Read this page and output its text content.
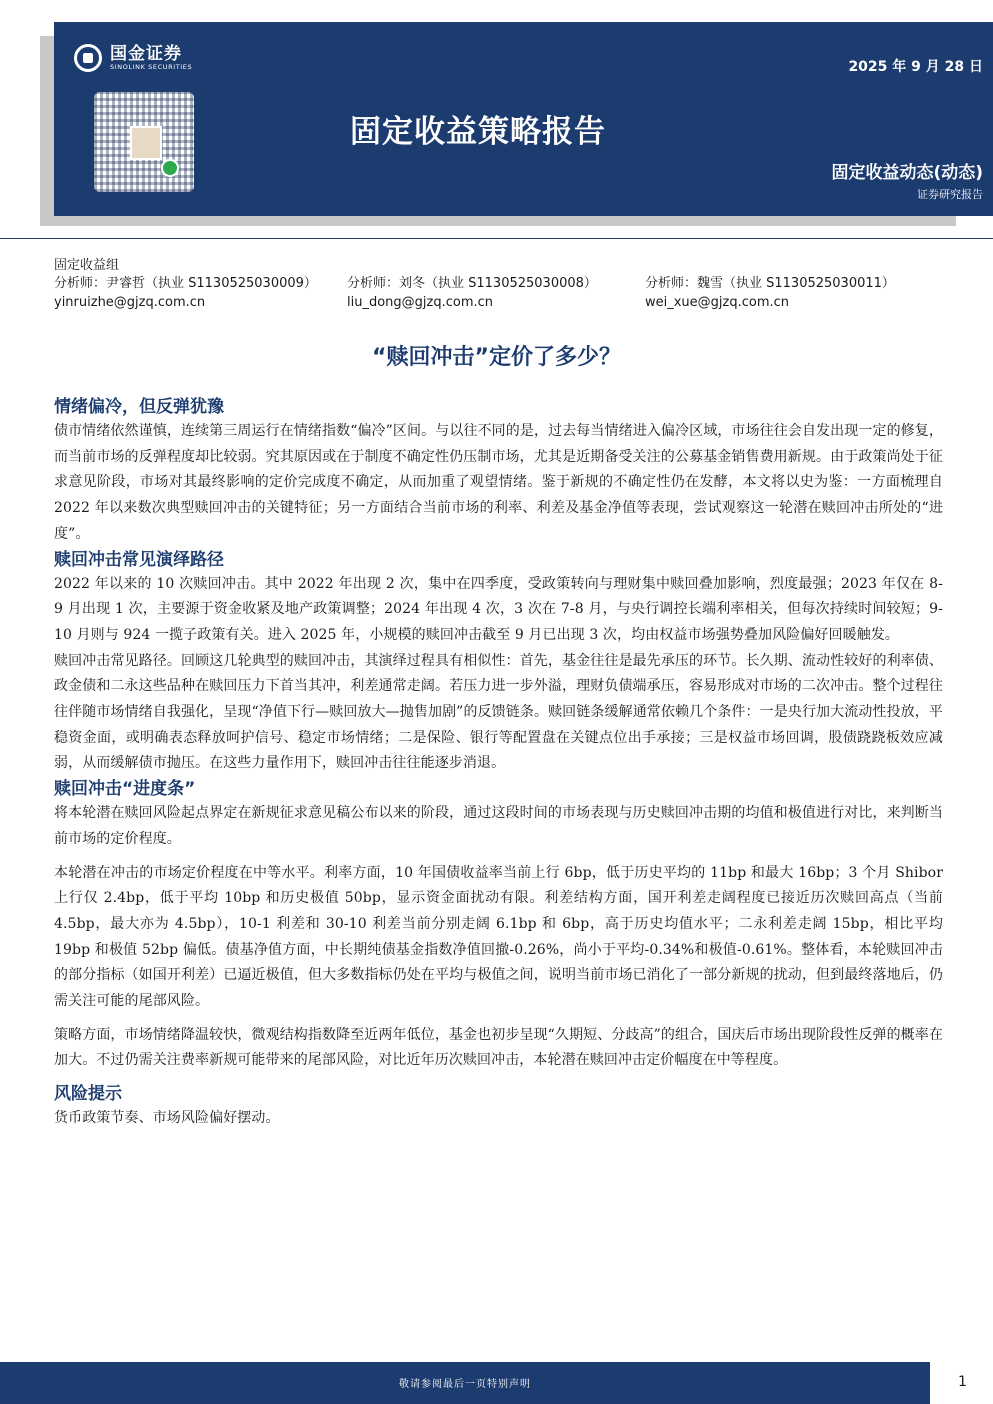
国金证券
SINOLINK SECURITIES	2025 年 9 月 28 日
固定收益策略报告
固定收益动态(动态)
证券研究报告
固定收益组
分析师：尹睿哲（执业 S1130525030009） 分析师：刘冬（执业 S1130525030008）	分析师：魏雪（执业 S1130525030011）
yinruizhe@gjzq.com.cn	liu_dong@gjzq.com.cn	wei_xue@gjzq.com.cn
“赎回冲击”定价了多少？
情绪偏冷，但反弹犹豫

债市情绪依然谨慎，连续第三周运行在情绪指数“偏冷”区间。与以往不同的是，过去每当情绪进入偏冷区域，市场往往会自发出现一定的修复，而当前市场的反弹程度却比较弱。究其原因或在于制度不确定性仍压制市场，尤其是近期备受关注的公募基金销售费用新规。由于政策尚处于征求意见阶段，市场对其最终影响的定价完成度不确定，从而加重了观望情绪。鉴于新规的不确定性仍在发酵，本文将以史为鉴：一方面梳理自 2022 年以来数次典型赎回冲击的关键特征；另一方面结合当前市场的利率、利差及基金净值等表现，尝试观察这一轮潜在赎回冲击所处的“进度”。

赎回冲击常见演绎路径

2022 年以来的 10 次赎回冲击。其中 2022 年出现 2 次，集中在四季度，受政策转向与理财集中赎回叠加影响，烈度最强；2023 年仅在 8-9 月出现 1 次，主要源于资金收紧及地产政策调整；2024 年出现 4 次，3 次在 7-8 月，与央行调控长端利率相关，但每次持续时间较短；9-10 月则与 924 一揽子政策有关。进入 2025 年，小规模的赎回冲击截至 9 月已出现 3 次，均由权益市场强势叠加风险偏好回暖触发。

赎回冲击常见路径。回顾这几轮典型的赎回冲击，其演绎过程具有相似性：首先，基金往往是最先承压的环节。长久期、流动性较好的利率债、政金债和二永这些品种在赎回压力下首当其冲，利差通常走阔。若压力进一步外溢，理财负债端承压，容易形成对市场的二次冲击。整个过程往往伴随市场情绪自我强化，呈现“净值下行—赎回放大—抛售加剧”的反馈链条。赎回链条缓解通常依赖几个条件：一是央行加大流动性投放，平稳资金面，或明确表态释放呵护信号、稳定市场情绪；二是保险、银行等配置盘在关键点位出手承接；三是权益市场回调，股债跷跷板效应减弱，从而缓解债市抛压。在这些力量作用下，赎回冲击往往能逐步消退。

赎回冲击“进度条”

将本轮潜在赎回风险起点界定在新规征求意见稿公布以来的阶段，通过这段时间的市场表现与历史赎回冲击期的均值和极值进行对比，来判断当前市场的定价程度。

本轮潜在冲击的市场定价程度在中等水平。利率方面，10 年国债收益率当前上行 6bp，低于历史平均的 11bp 和最大 16bp；3 个月 Shibor 上行仅 2.4bp，低于平均 10bp 和历史极值 50bp，显示资金面扰动有限。利差结构方面，国开利差走阔程度已接近历次赎回高点（当前 4.5bp，最大亦为 4.5bp），10-1 利差和 30-10 利差当前分别走阔 6.1bp 和 6bp，高于历史均值水平；二永利差走阔 15bp，相比平均 19bp 和极值 52bp 偏低。债基净值方面，中长期纯债基金指数净值回撤-0.26%，尚小于平均-0.34%和极值-0.61%。整体看，本轮赎回冲击的部分指标（如国开利差）已逼近极值，但大多数指标仍处在平均与极值之间，说明当前市场已消化了一部分新规的扰动，但到最终落地后，仍需关注可能的尾部风险。

策略方面，市场情绪降温较快，微观结构指数降至近两年低位，基金也初步呈现“久期短、分歧高”的组合，国庆后市场出现阶段性反弹的概率在加大。不过仍需关注费率新规可能带来的尾部风险，对比近年历次赎回冲击，本轮潜在赎回冲击定价幅度在中等程度。

风险提示

货币政策节奏、市场风险偏好摆动。

敬请参阅最后一页特别声明	1
